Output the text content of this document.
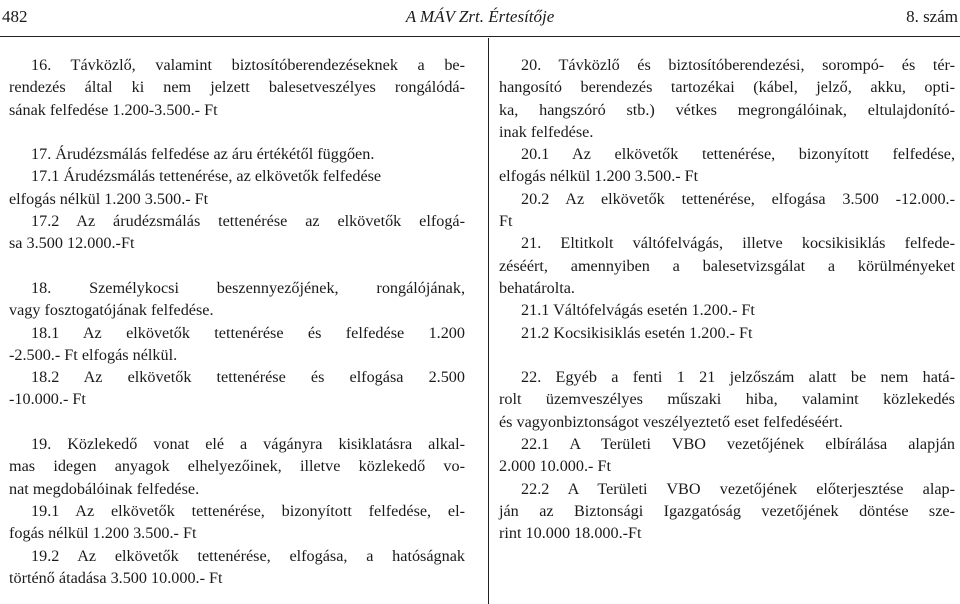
482	A MÁV Zrt. Értesítője	8. szám
16. Távközlő, valamint biztosítóberendezéseknek a be-
rendezés által ki nem jelzett balesetveszélyes rongálódá-
sának felfedése 1.200-3.500.- Ft
17. Árudézsmálás felfedése az áru értékétől függően.
17.1 Árudézsmálás tettenérése, az elkövetők felfedése
elfogás nélkül 1.200 3.500.- Ft
17.2 Az árudézsmálás tettenérése az elkövetők elfogá-
sa 3.500 12.000.-Ft
18. Személykocsi beszennyezőjének, rongálójának,
vagy fosztogatójának felfedése.
18.1 Az elkövetők tettenérése és felfedése 1.200
-2.500.- Ft elfogás nélkül.
18.2 Az elkövetők tettenérése és elfogása 2.500
-10.000.- Ft
19. Közlekedő vonat elé a vágányra kisiklatásra alkal-
mas idegen anyagok elhelyezőinek, illetve közlekedő vo-
nat megdobálóinak felfedése.
19.1 Az elkövetők tettenérése, bizonyított felfedése, el-
fogás nélkül 1.200 3.500.- Ft
19.2 Az elkövetők tettenérése, elfogása, a hatóságnak
történő átadása 3.500 10.000.- Ft
20. Távközlő és biztosítóberendezési, sorompó- és tér-
hangosító berendezés tartozékai (kábel, jelző, akku, opti-
ka, hangszóró stb.) vétkes megrongálóinak, eltulajdonító-
inak felfedése.
20.1 Az elkövetők tettenérése, bizonyított felfedése,
elfogás nélkül 1.200 3.500.- Ft
20.2 Az elkövetők tettenérése, elfogása 3.500 -12.000.-
Ft
21. Eltitkolt váltófelvágás, illetve kocsikisiklás felfede-
zéséért, amennyiben a balesetvizsgálat a körülményeket
behatárolta.
21.1 Váltófelvágás esetén 1.200.- Ft
21.2 Kocsikisiklás esetén 1.200.- Ft
22. Egyéb a fenti 1 21 jelzőszám alatt be nem hatá-
rolt üzemveszélyes műszaki hiba, valamint közlekedés
és vagyonbiztonságot veszélyeztető eset felfedéséért.
22.1 A Területi VBO vezetőjének elbírálása alapján
2.000 10.000.- Ft
22.2 A Területi VBO vezetőjének előterjesztése alap-
ján az Biztonsági Igazgatóság vezetőjének döntése sze-
rint 10.000 18.000.-Ft
